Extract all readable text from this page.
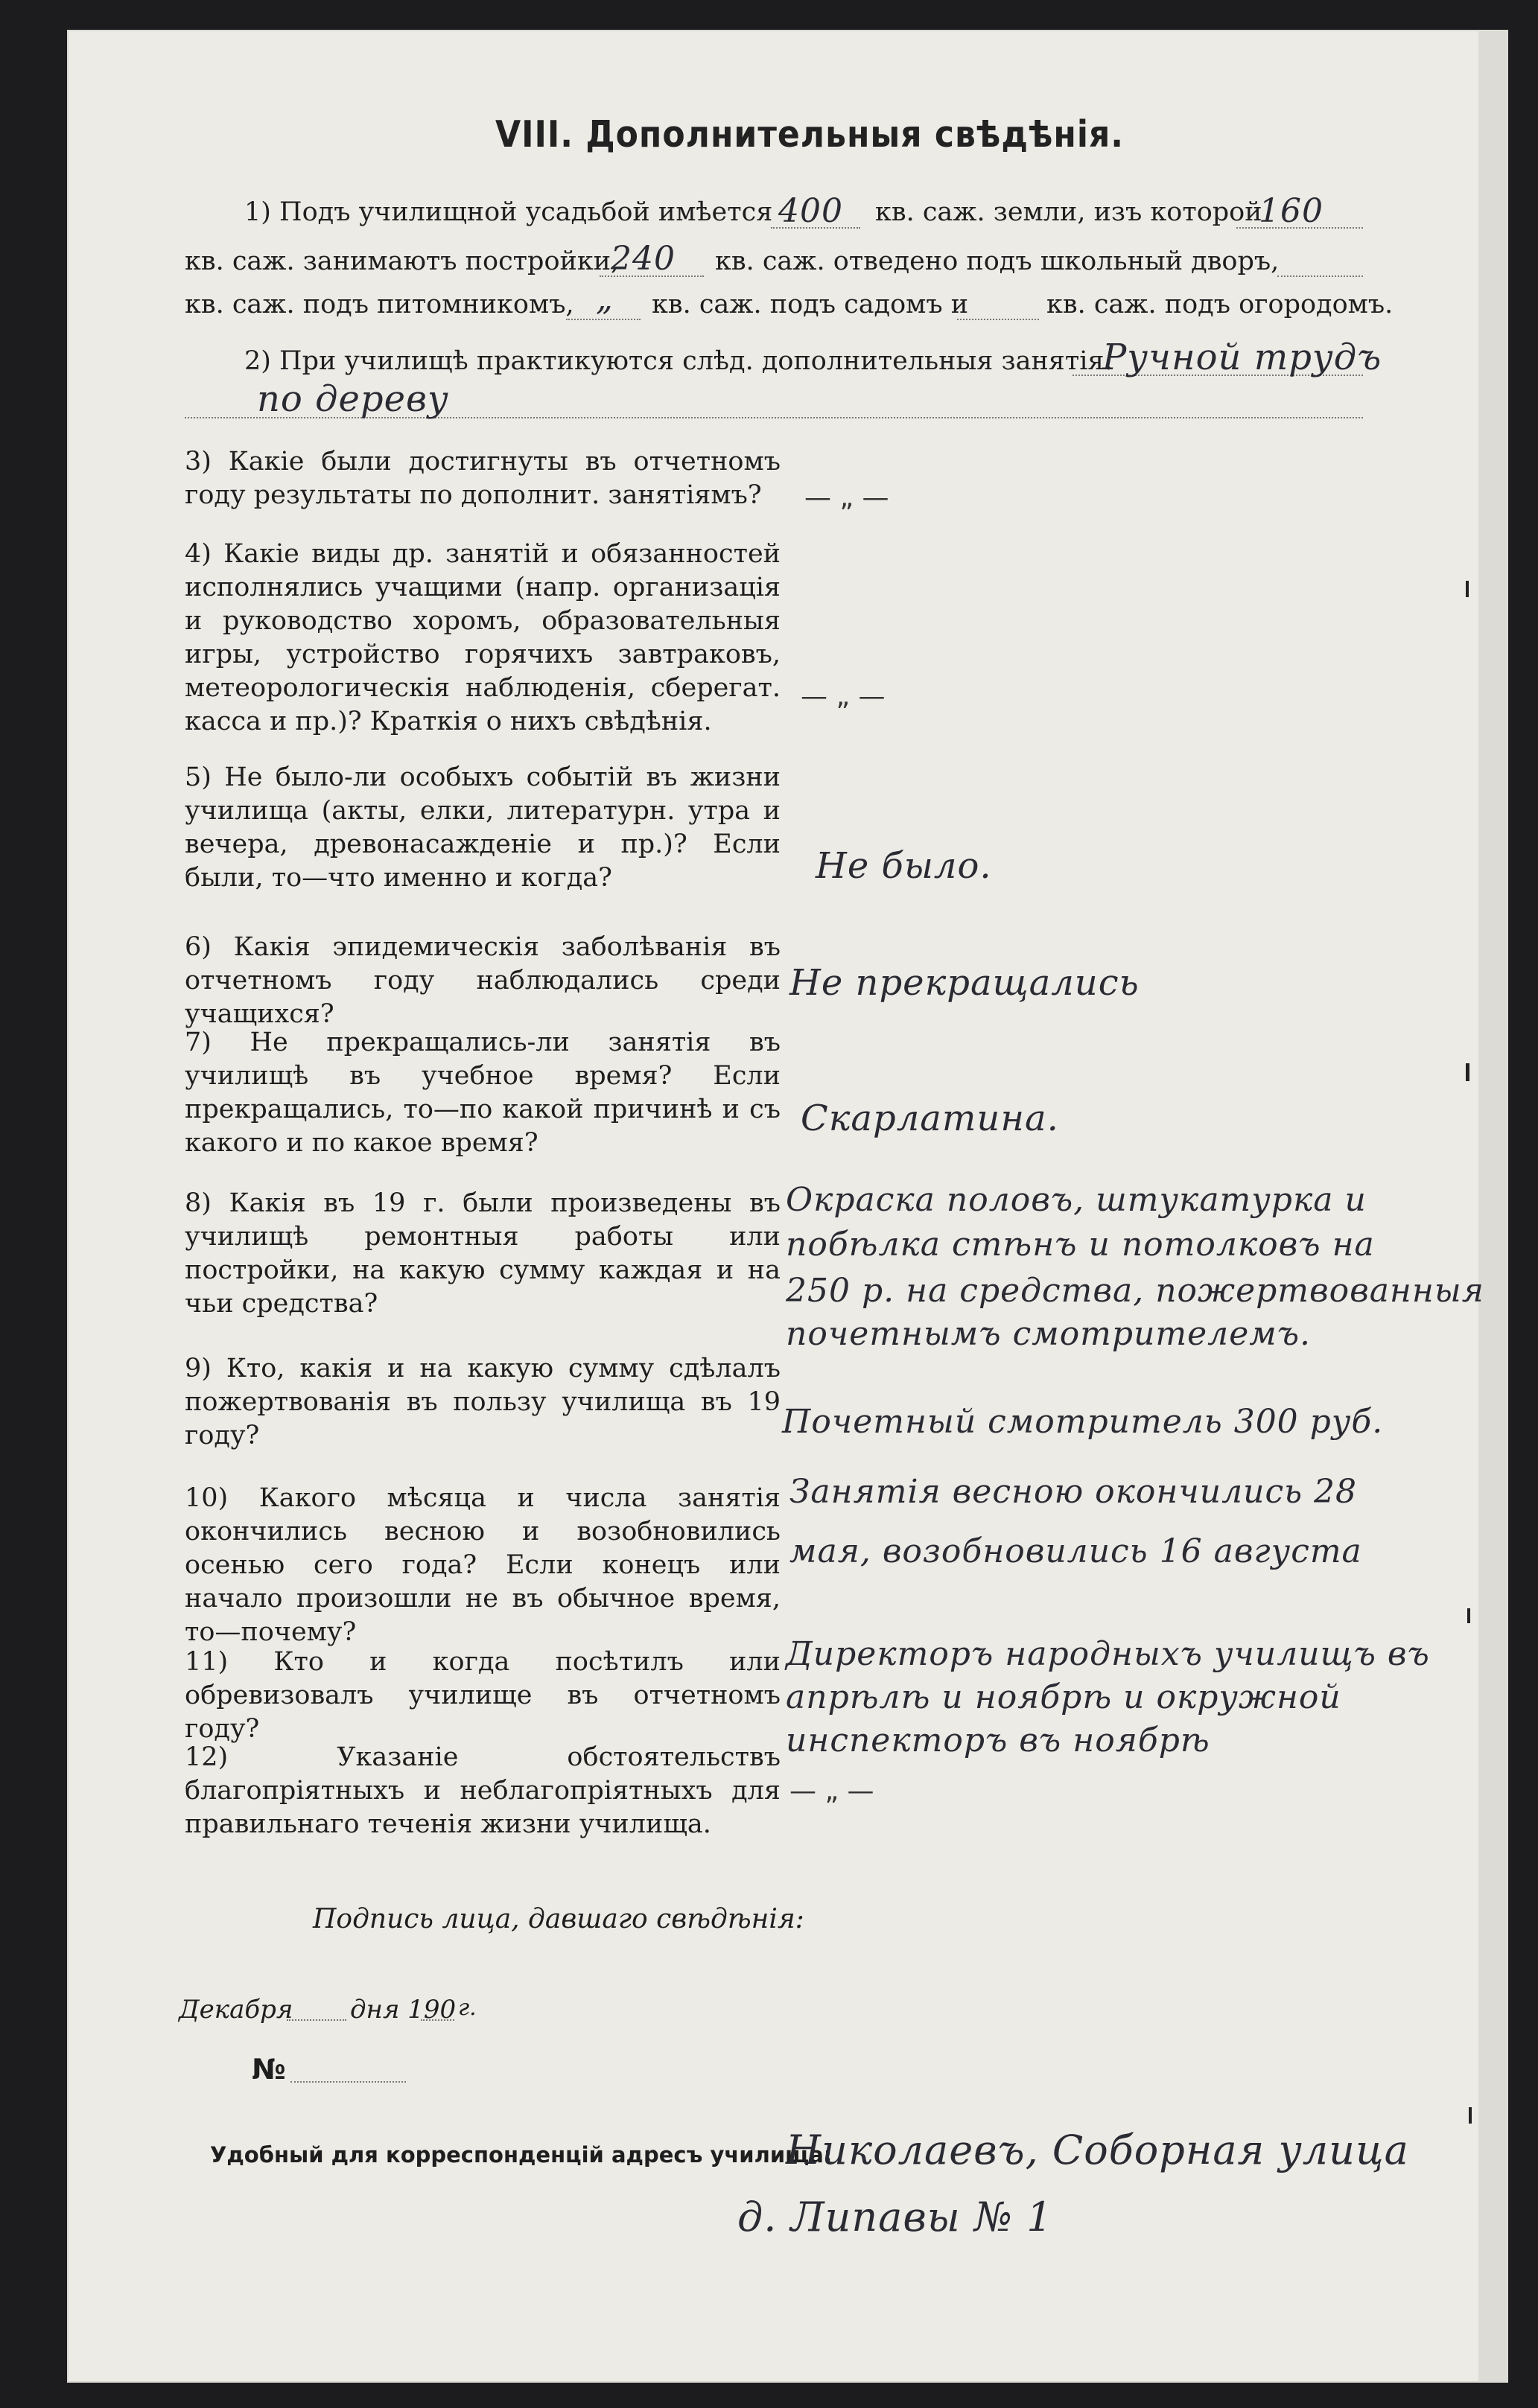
VIII. Дополнительныя свѣдѣнія.
1) Подъ училищной усадьбой имѣется 400 кв. саж. земли, изъ которой
160
кв. саж. занимаютъ постройки,
240 кв. саж. отведено подъ школьный дворъ,
кв. саж. подъ питомникомъ, „ кв. саж. подъ садомъ и	кв. саж. подъ огородомъ.
2) При училищѣ практикуются слѣд. дополнительныя занятія:
Ручной трудъ
по дереву
3) Какіе были достигнуты въ отчетномъ году результаты по дополнит. занятіямъ?	— „ —
4) Какіе виды др. занятій и обязанностей исполнялись учащими (напр. организація и руководство хоромъ, образовательныя игры, устройство горячихъ завтраковъ, метеорологическія наблюденія, сберегат. касса и пр.)? Краткія о нихъ свѣдѣнія.
— „ —
5) Не было-ли особыхъ событій въ жизни училища (акты, елки, литературн. утра и вечера, древонасажденіе и пр.)? Если были, то—что именно и когда?	Не было.
6) Какія эпидемическія заболѣванія въ отчетномъ году наблюдались среди учащихся?
Не прекращались
7) Не прекращались-ли занятія въ училищѣ въ учебное время? Если прекращались, то—по какой причинѣ и съ какого и по какое время?
Скарлатина.
8) Какія въ 19 г. были произведены въ училищѣ ремонтныя работы или постройки, на какую сумму каждая и на чьи средства?
Окраска половъ, штукатурка и
побѣлка стѣнъ и потолковъ на
250 р. на средства, пожертвованныя
почетнымъ смотрителемъ.
9) Кто, какія и на какую сумму сдѣлалъ пожертвованія въ пользу училища въ 19 году?	Почетный смотритель 300 руб.
10) Какого мѣсяца и числа занятія окончились весною и возобновились осенью сего года? Если конецъ или начало произошли не въ обычное время, то—почему?
Занятія весною окончились 28
мая, возобновились 16 августа
11) Кто и когда посѣтилъ или обревизовалъ училище въ отчетномъ году?
Директоръ народныхъ училищъ въ
апрѣлѣ и ноябрѣ и окружной
инспекторъ въ ноябрѣ
12) Указаніе обстоятельствъ благопріятныхъ и неблагопріятныхъ для правильнаго теченія жизни училища.
— „ —
Подпись лица, давшаго свѣдѣнія:
Декабря дня 190 г.
№
Удобный для корреспонденцій адресъ училища:
Николаевъ, Соборная улица
д. Липавы № 1
